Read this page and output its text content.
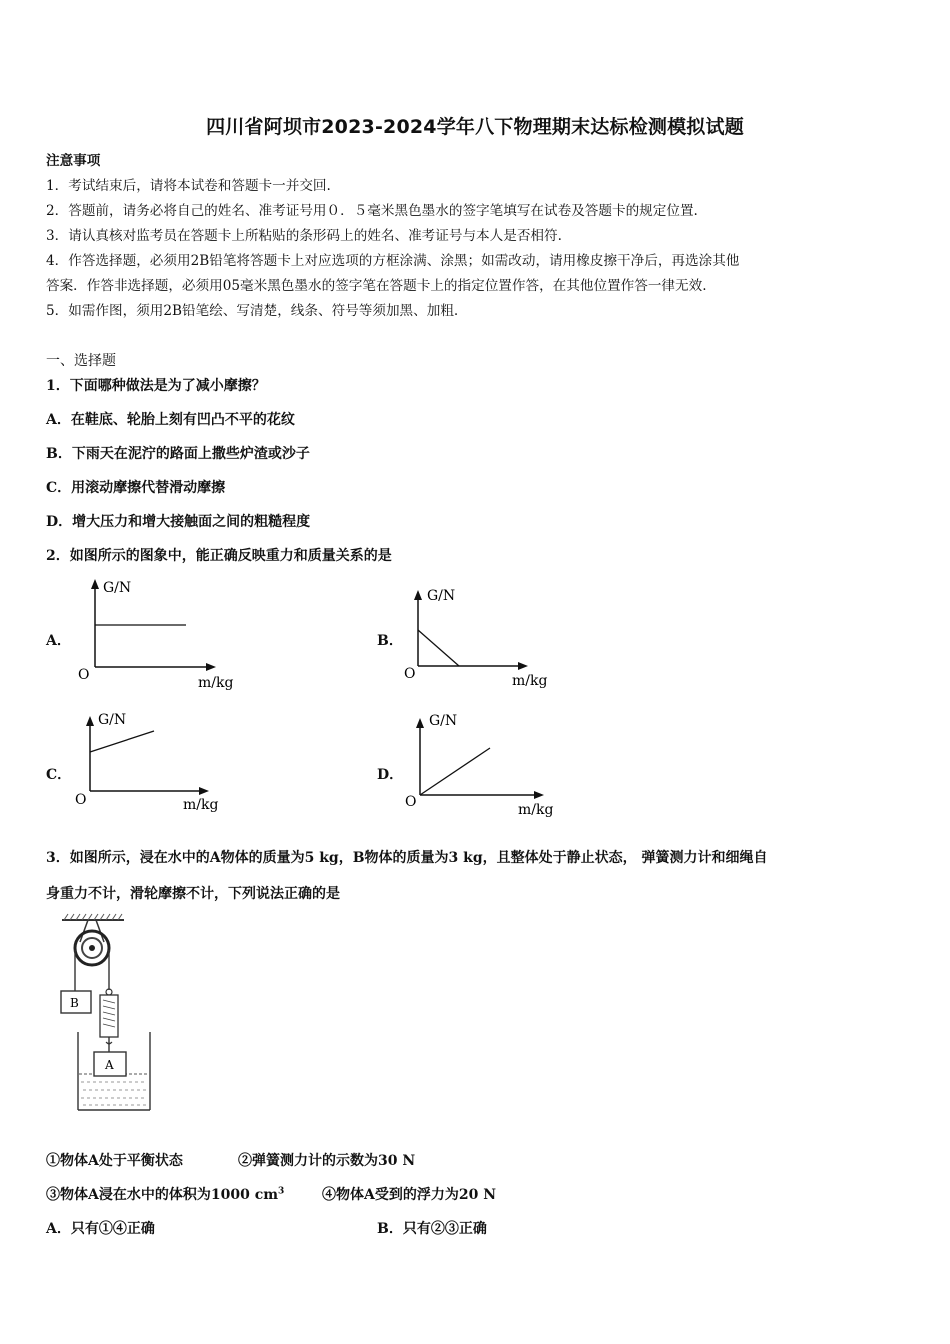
四川省阿坝市2023-2024学年八下物理期末达标检测模拟试题
注意事项
1．考试结束后，请将本试卷和答题卡一并交回.
2．答题前，请务必将自己的姓名、准考证号用０．５毫米黑色墨水的签字笔填写在试卷及答题卡的规定位置.
3．请认真核对监考员在答题卡上所粘贴的条形码上的姓名、准考证号与本人是否相符.
4．作答选择题，必须用2B铅笔将答题卡上对应选项的方框涂满、涂黑；如需改动，请用橡皮擦干净后，再选涂其他
答案．作答非选择题，必须用05毫米黑色墨水的签字笔在答题卡上的指定位置作答，在其他位置作答一律无效.
5．如需作图，须用2B铅笔绘、写清楚，线条、符号等须加黑、加粗.
一、选择题
1．下面哪种做法是为了减小摩擦？
A．在鞋底、轮胎上刻有凹凸不平的花纹
B．下雨天在泥泞的路面上撒些炉渣或沙子
C．用滚动摩擦代替滑动摩擦
D．增大压力和增大接触面之间的粗糙程度
2．如图所示的图象中，能正确反映重力和质量关系的是
A．
G/N
O	m/kg
B．
G/N
O	m/kg
C．
G/N
O	m/kg
D．
G/N
O	m/kg
3．如图所示，浸在水中的A物体的质量为5 kg，B物体的质量为3 kg，且整体处于静止状态， 弹簧测力计和细绳自
身重力不计，滑轮摩擦不计，下列说法正确的是
B
A
①物体A处于平衡状态	②弹簧测力计的示数为30 N
③物体A浸在水中的体积为1000 $cm^3$	④物体A受到的浮力为20 N
A．只有①④正确	B．只有②③正确
